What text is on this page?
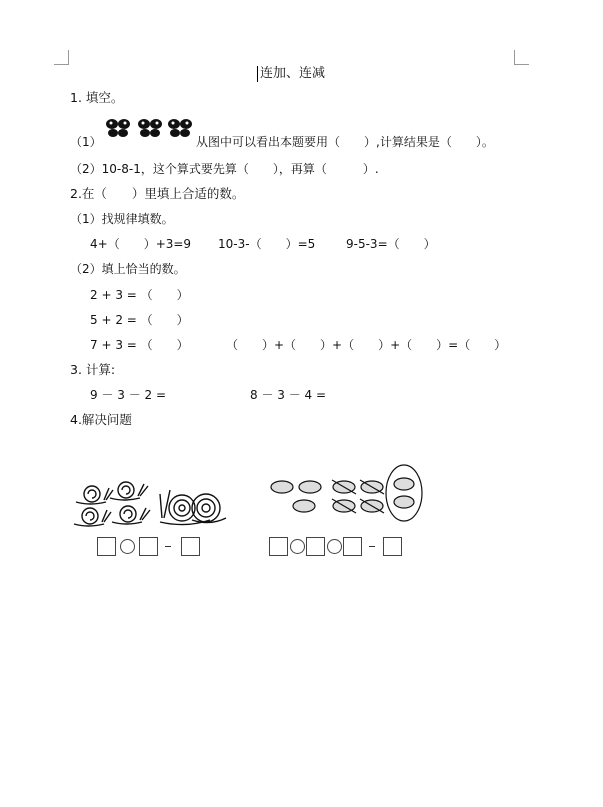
连加、连减
1. 填空。
（1）	从图中可以看出本题要用（　　）,计算结果是（　　）。
（2）10-8-1，这个算式要先算（　　），再算（　　　）.
2.在（　　）里填上合适的数。
（1）找规律填数。
4+（　　）+3=9 10-3-（　　）=5	9-5-3=（　　）
（2）填上恰当的数。
2 + 3 = （　　）
5 + 2 = （　　）
7 + 3 = （　　）	（　　）+（　　）+（　　）+（　　）=（　　）
3. 计算:
9 － 3 － 2 =	8 － 3 － 4 =
4.解决问题
